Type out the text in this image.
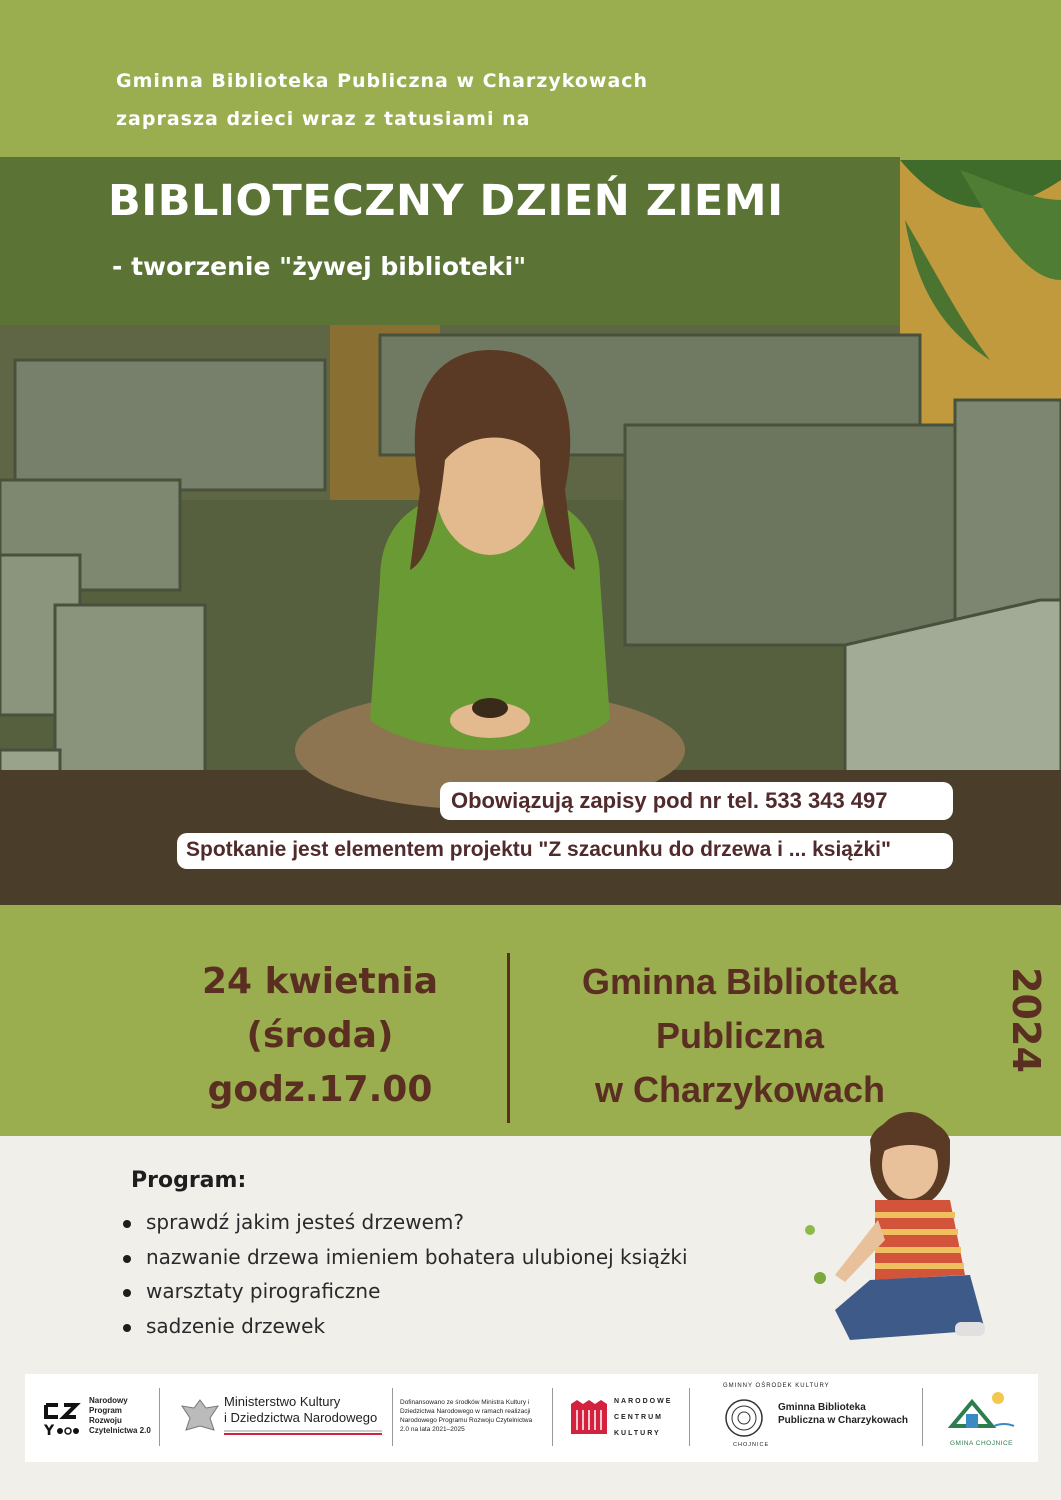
Gminna Biblioteka Publiczna w Charzykowach
zaprasza dzieci wraz z tatusiami na
BIBLIOTECZNY DZIEŃ ZIEMI
- tworzenie "żywej biblioteki"
Obowiązują zapisy pod nr tel. 533 343 497
Spotkanie jest elementem projektu "Z szacunku do drzewa i ... książki"
24 kwietnia
(środa)
godz.17.00
Gminna Biblioteka
Publiczna
w Charzykowach
2024
Program:
sprawdź jakim jesteś drzewem?
nazwanie drzewa imieniem bohatera ulubionej książki
warsztaty pirograficzne
sadzenie drzewek
Y
Narodowy Program Rozwoju Czytelnictwa 2.0
Ministerstwo Kultury
i Dziedzictwa Narodowego
Dofinansowano ze środków Ministra Kultury i Dziedzictwa Narodowego w ramach realizacji Narodowego Programu Rozwoju Czytelnictwa 2.0 na lata 2021–2025
NARODOWE
CENTRUM
KULTURY
GMINNY OŚRODEK KULTURY
CHOJNICE
Gminna Biblioteka
Publiczna w Charzykowach
GMINA CHOJNICE
